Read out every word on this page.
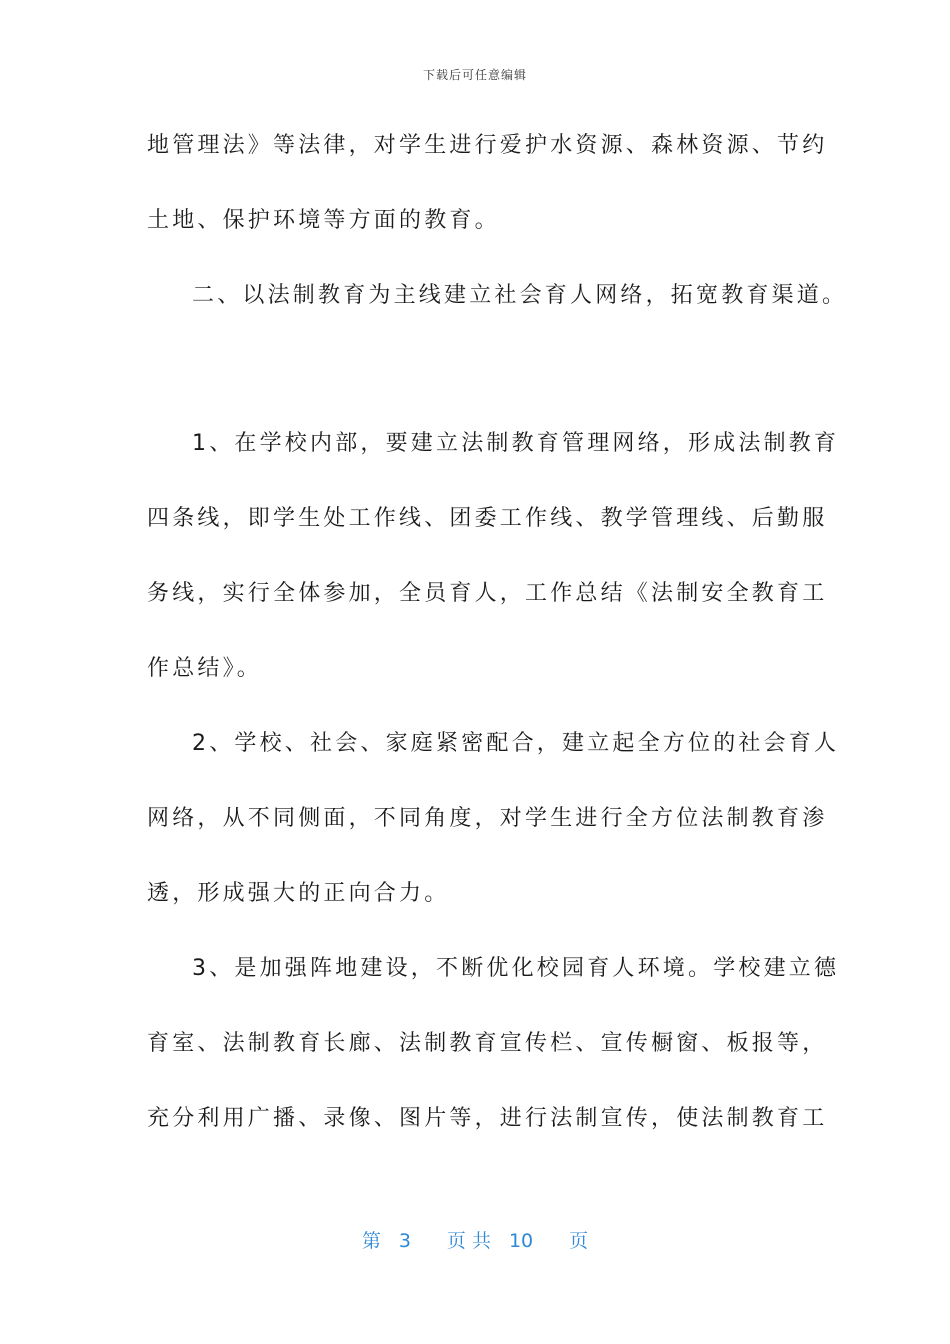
下载后可任意编辑
地管理法》等法律，对学生进行爱护水资源、森林资源、节约
土地、保护环境等方面的教育。
二、以法制教育为主线建立社会育人网络，拓宽教育渠道。
1、在学校内部，要建立法制教育管理网络，形成法制教育
四条线，即学生处工作线、团委工作线、教学管理线、后勤服
务线，实行全体参加，全员育人，工作总结《法制安全教育工
作总结》。
2、学校、社会、家庭紧密配合，建立起全方位的社会育人
网络，从不同侧面，不同角度，对学生进行全方位法制教育渗
透，形成强大的正向合力。
3、是加强阵地建设，不断优化校园育人环境。学校建立德
育室、法制教育长廊、法制教育宣传栏、宣传橱窗、板报等，
充分利用广播、录像、图片等，进行法制宣传，使法制教育工
第 3 页 共 10 页
